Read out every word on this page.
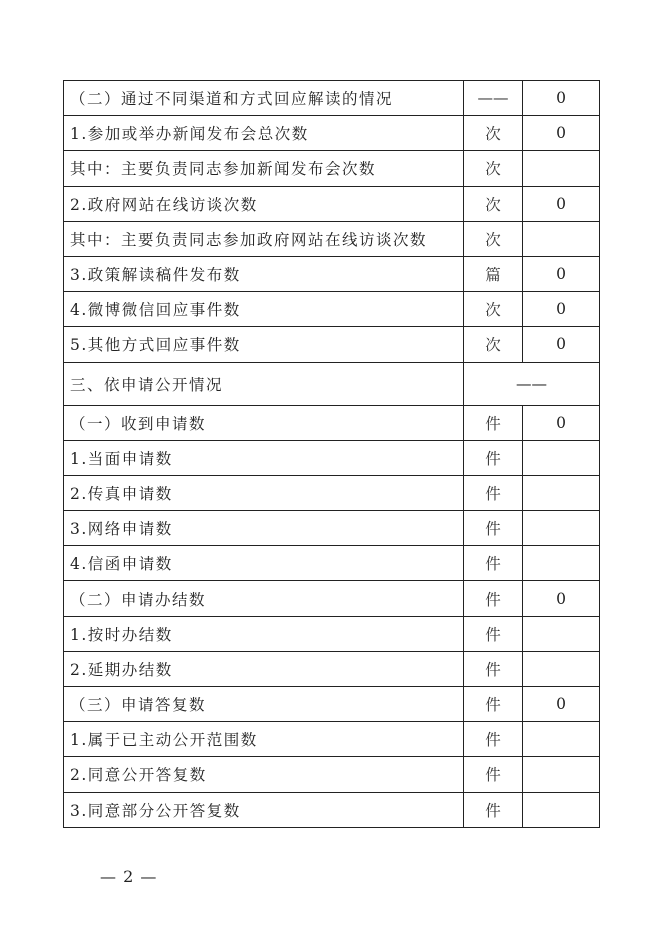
（二）通过不同渠道和方式回应解读的情况	——	0
1.参加或举办新闻发布会总次数	次	0
其中：主要负责同志参加新闻发布会次数	次	
2.政府网站在线访谈次数	次	0
其中：主要负责同志参加政府网站在线访谈次数	次	
3.政策解读稿件发布数	篇	0
4.微博微信回应事件数	次	0
5.其他方式回应事件数	次	0
三、依申请公开情况	——	
（一）收到申请数	件	0
1.当面申请数	件	
2.传真申请数	件	
3.网络申请数	件	
4.信函申请数	件	
（二）申请办结数	件	0
1.按时办结数	件	
2.延期办结数	件	
（三）申请答复数	件	0
1.属于已主动公开范围数	件	
2.同意公开答复数	件	
3.同意部分公开答复数	件	
— 2 —
